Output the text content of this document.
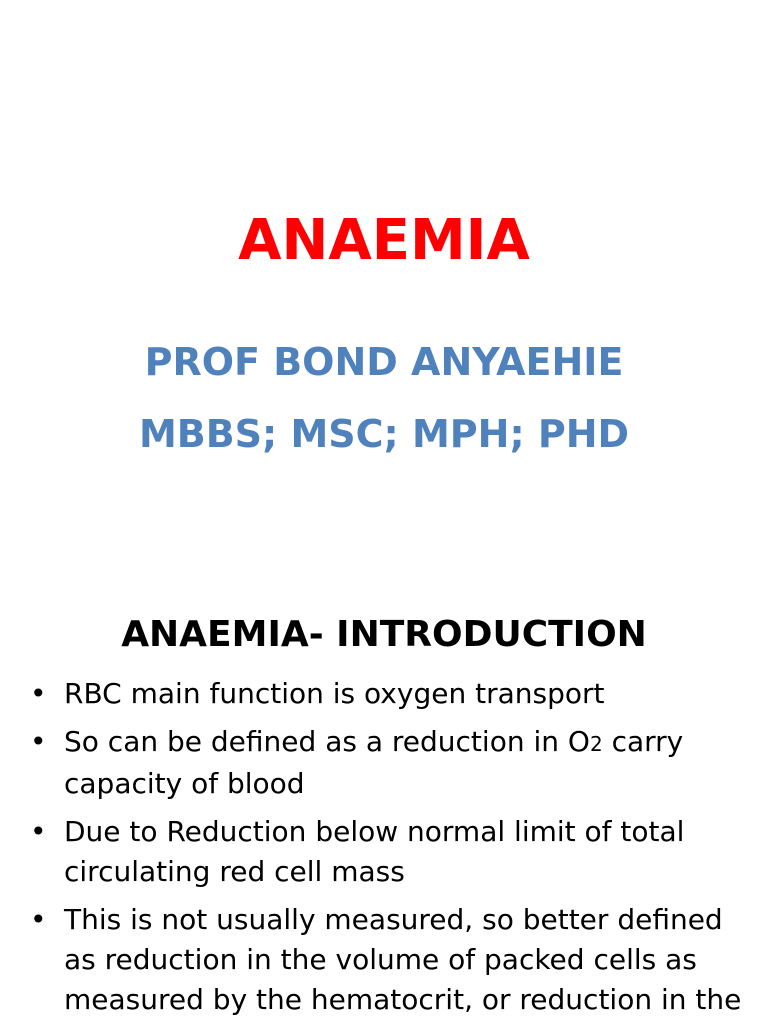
ANAEMIA
PROF BOND ANYAEHIE
MBBS; MSC; MPH; PHD
ANAEMIA- INTRODUCTION
• RBC main function is oxygen transport
• So can be defined as a reduction in O2 carry capacity of blood
• Due to Reduction below normal limit of total circulating red cell mass
• This is not usually measured, so better defined as reduction in the volume of packed cells as measured by the hematocrit, or reduction in the
